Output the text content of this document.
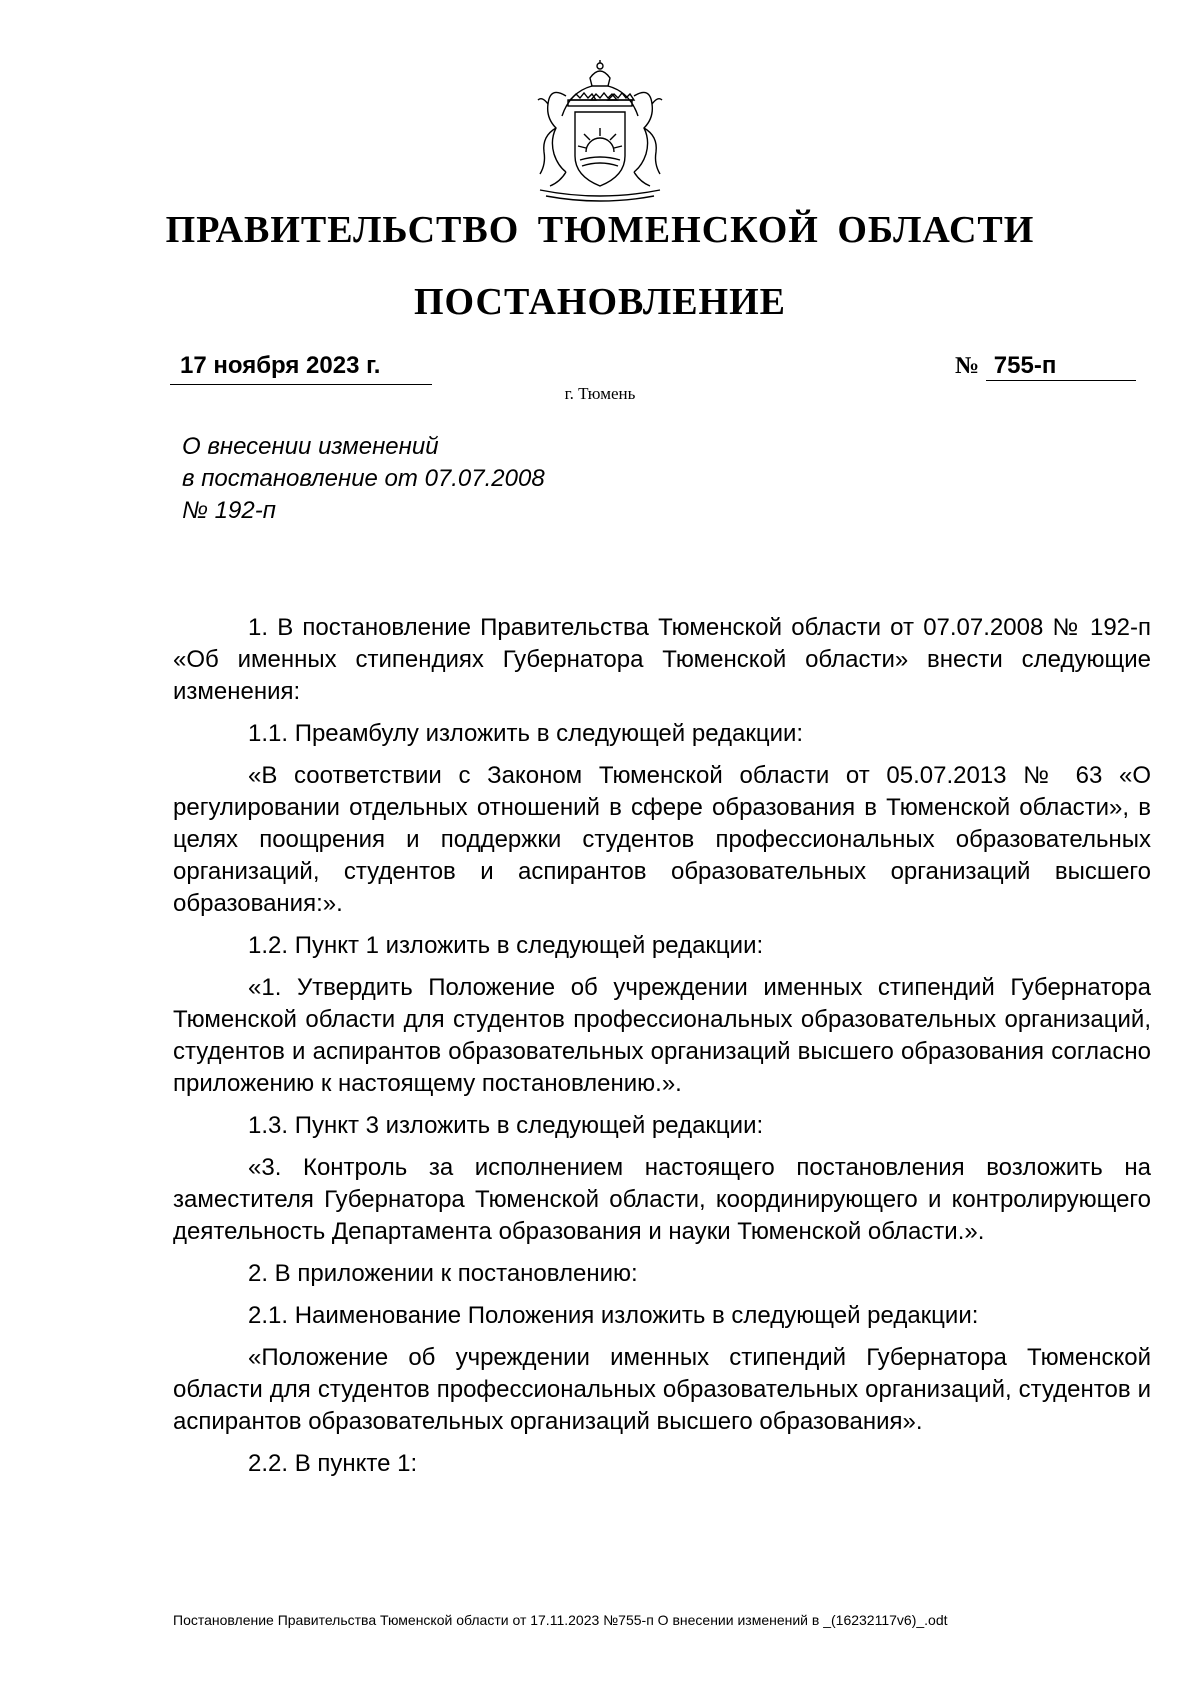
ПРАВИТЕЛЬСТВО ТЮМЕНСКОЙ ОБЛАСТИ
ПОСТАНОВЛЕНИЕ
17 ноября 2023 г.	№ 755-п
г. Тюмень
О внесении изменений
в постановление от 07.07.2008
№ 192-п

1. В постановление Правительства Тюменской области от 07.07.2008 № 192-п «Об именных стипендиях Губернатора Тюменской области» внести следующие изменения:

1.1. Преамбулу изложить в следующей редакции:

«В соответствии с Законом Тюменской области от 05.07.2013 № 63 «О регулировании отдельных отношений в сфере образования в Тюменской области», в целях поощрения и поддержки студентов профессиональных образовательных организаций, студентов и аспирантов образовательных организаций высшего образования:».

1.2. Пункт 1 изложить в следующей редакции:

«1. Утвердить Положение об учреждении именных стипендий Губернатора Тюменской области для студентов профессиональных образовательных организаций, студентов и аспирантов образовательных организаций высшего образования согласно приложению к настоящему постановлению.».

1.3. Пункт 3 изложить в следующей редакции:

«3. Контроль за исполнением настоящего постановления возложить на заместителя Губернатора Тюменской области, координирующего и контролирующего деятельность Департамента образования и науки Тюменской области.».

2. В приложении к постановлению:

2.1. Наименование Положения изложить в следующей редакции:

«Положение об учреждении именных стипендий Губернатора Тюменской области для студентов профессиональных образовательных организаций, студентов и аспирантов образовательных организаций высшего образования».

2.2. В пункте 1:

Постановление Правительства Тюменской области от 17.11.2023 №755-п О внесении изменений в _(16232117v6)_.odt
